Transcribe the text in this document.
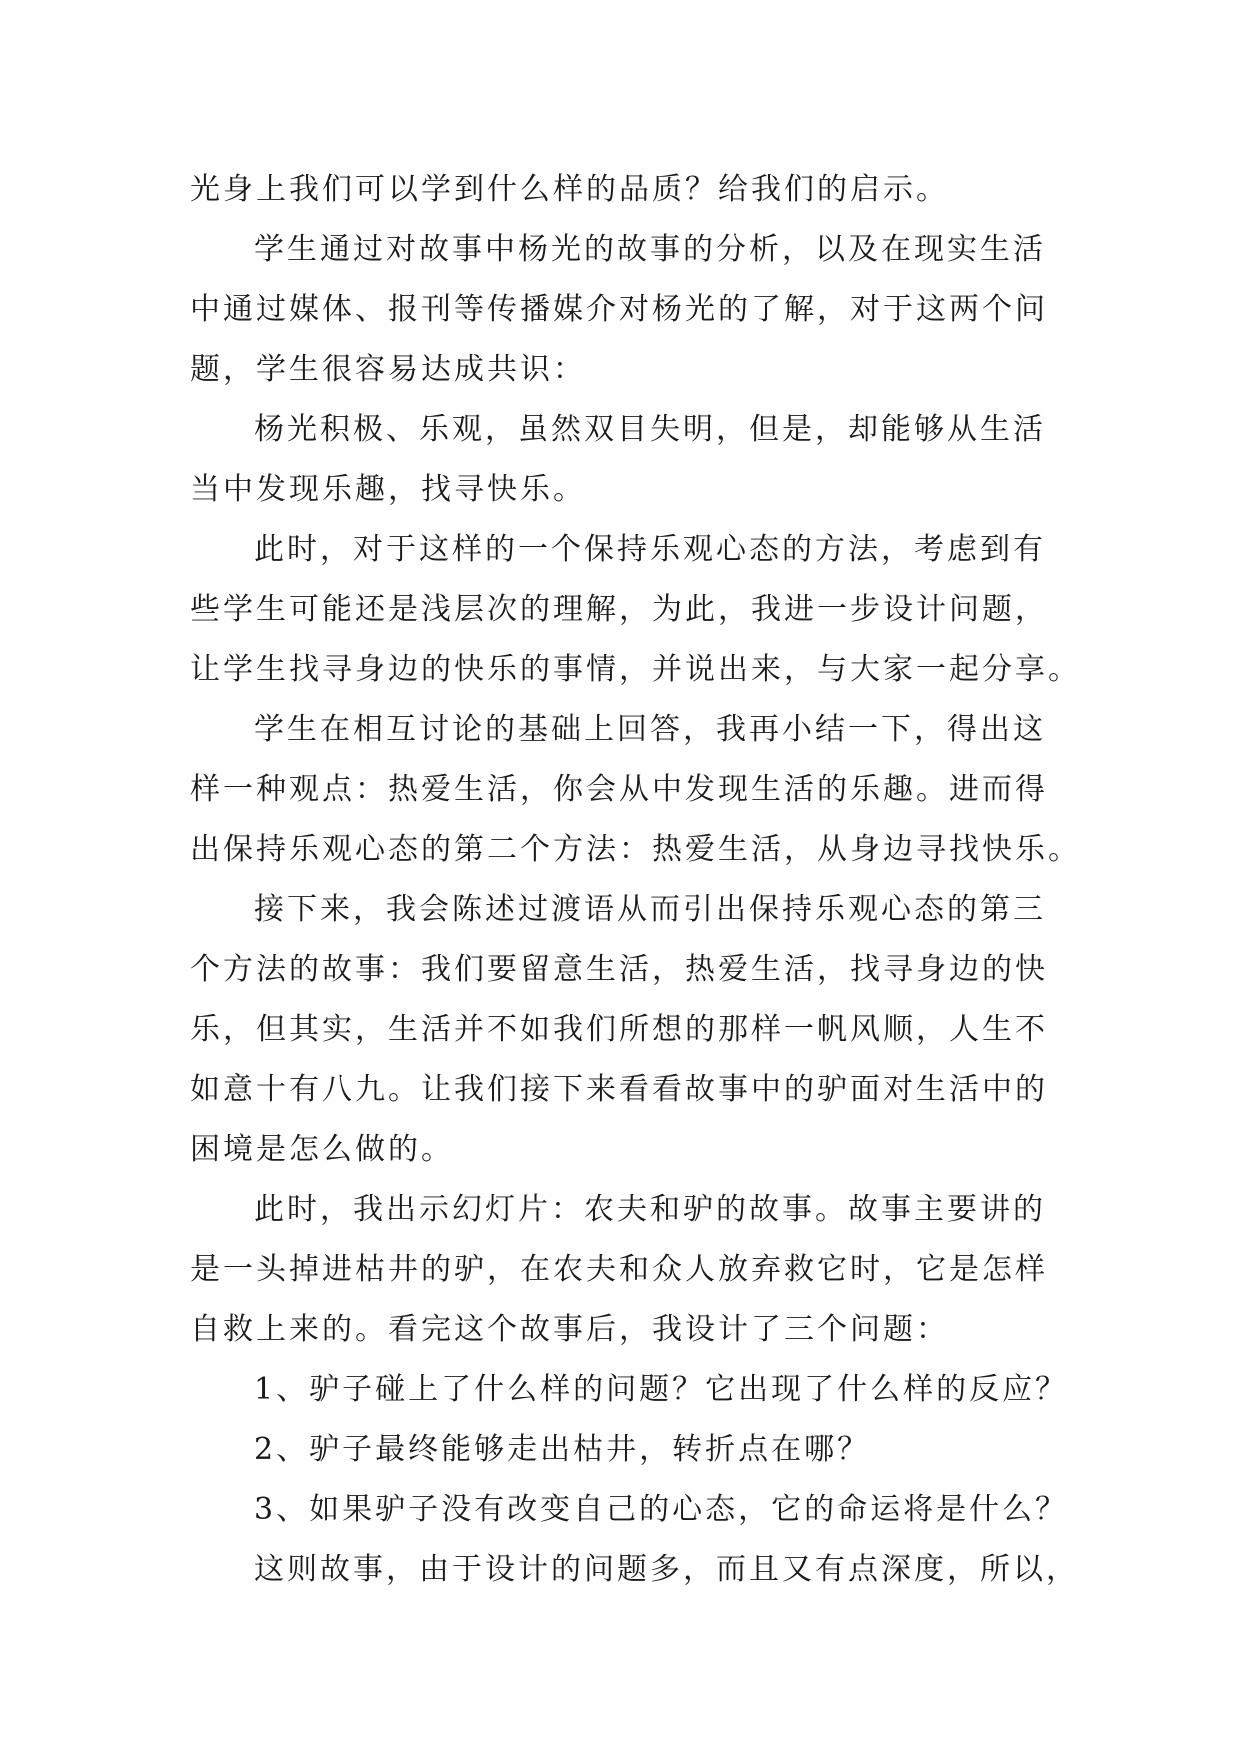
光身上我们可以学到什么样的品质？给我们的启示。
学生通过对故事中杨光的故事的分析，以及在现实生活
中通过媒体、报刊等传播媒介对杨光的了解，对于这两个问
题，学生很容易达成共识：
杨光积极、乐观，虽然双目失明，但是，却能够从生活
当中发现乐趣，找寻快乐。
此时，对于这样的一个保持乐观心态的方法，考虑到有
些学生可能还是浅层次的理解，为此，我进一步设计问题，
让学生找寻身边的快乐的事情，并说出来，与大家一起分享。
学生在相互讨论的基础上回答，我再小结一下，得出这
样一种观点：热爱生活，你会从中发现生活的乐趣。进而得
出保持乐观心态的第二个方法：热爱生活，从身边寻找快乐。
接下来，我会陈述过渡语从而引出保持乐观心态的第三
个方法的故事：我们要留意生活，热爱生活，找寻身边的快
乐，但其实，生活并不如我们所想的那样一帆风顺，人生不
如意十有八九。让我们接下来看看故事中的驴面对生活中的
困境是怎么做的。
此时，我出示幻灯片：农夫和驴的故事。故事主要讲的
是一头掉进枯井的驴，在农夫和众人放弃救它时，它是怎样
自救上来的。看完这个故事后，我设计了三个问题：
1、驴子碰上了什么样的问题？它出现了什么样的反应？
2、驴子最终能够走出枯井，转折点在哪？
3、如果驴子没有改变自己的心态，它的命运将是什么？
这则故事，由于设计的问题多，而且又有点深度，所以，
